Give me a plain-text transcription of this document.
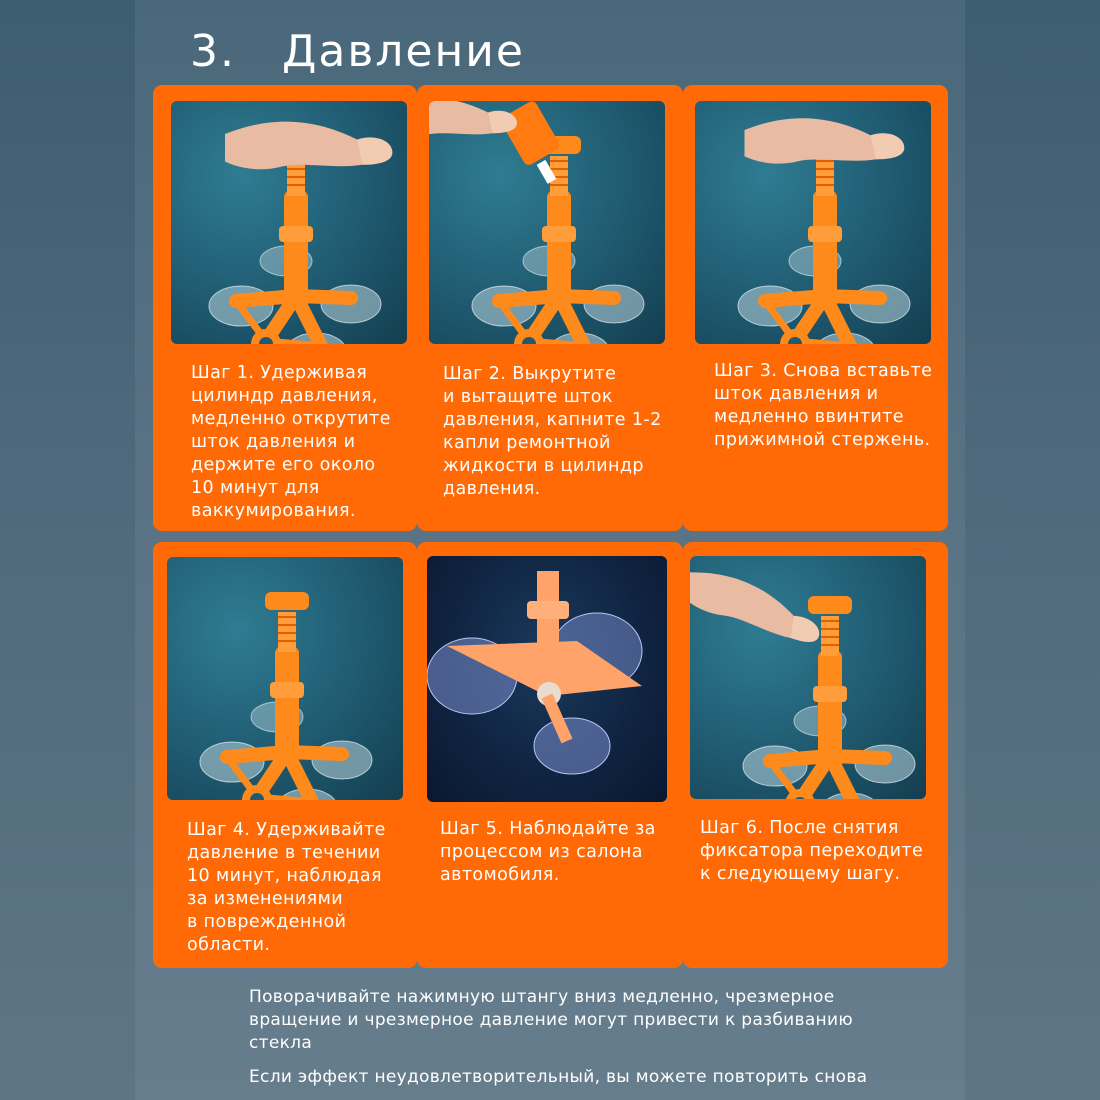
3. Давление
Шаг 1. Удерживая
цилиндр давления,
медленно открутите
шток давления и
держите его около
10 минут для
ваккумирования.
Шаг 2. Выкрутите
и вытащите шток
давления, капните 1-2
капли ремонтной
жидкости в цилиндр
давления.
Шаг 3. Снова вставьте
шток давления и
медленно ввинтите
прижимной стержень.
Шаг 4. Удерживайте
давление в течении
10 минут, наблюдая
за изменениями
в поврежденной
области.
Шаг 5. Наблюдайте за
процессом из салона
автомобиля.
Шаг 6. После снятия
фиксатора переходите
к следующему шагу.
Поворачивайте нажимную штангу вниз медленно, чрезмерное
вращение и чрезмерное давление могут привести к разбиванию
стекла
Если эффект неудовлетворительный, вы можете повторить снова
